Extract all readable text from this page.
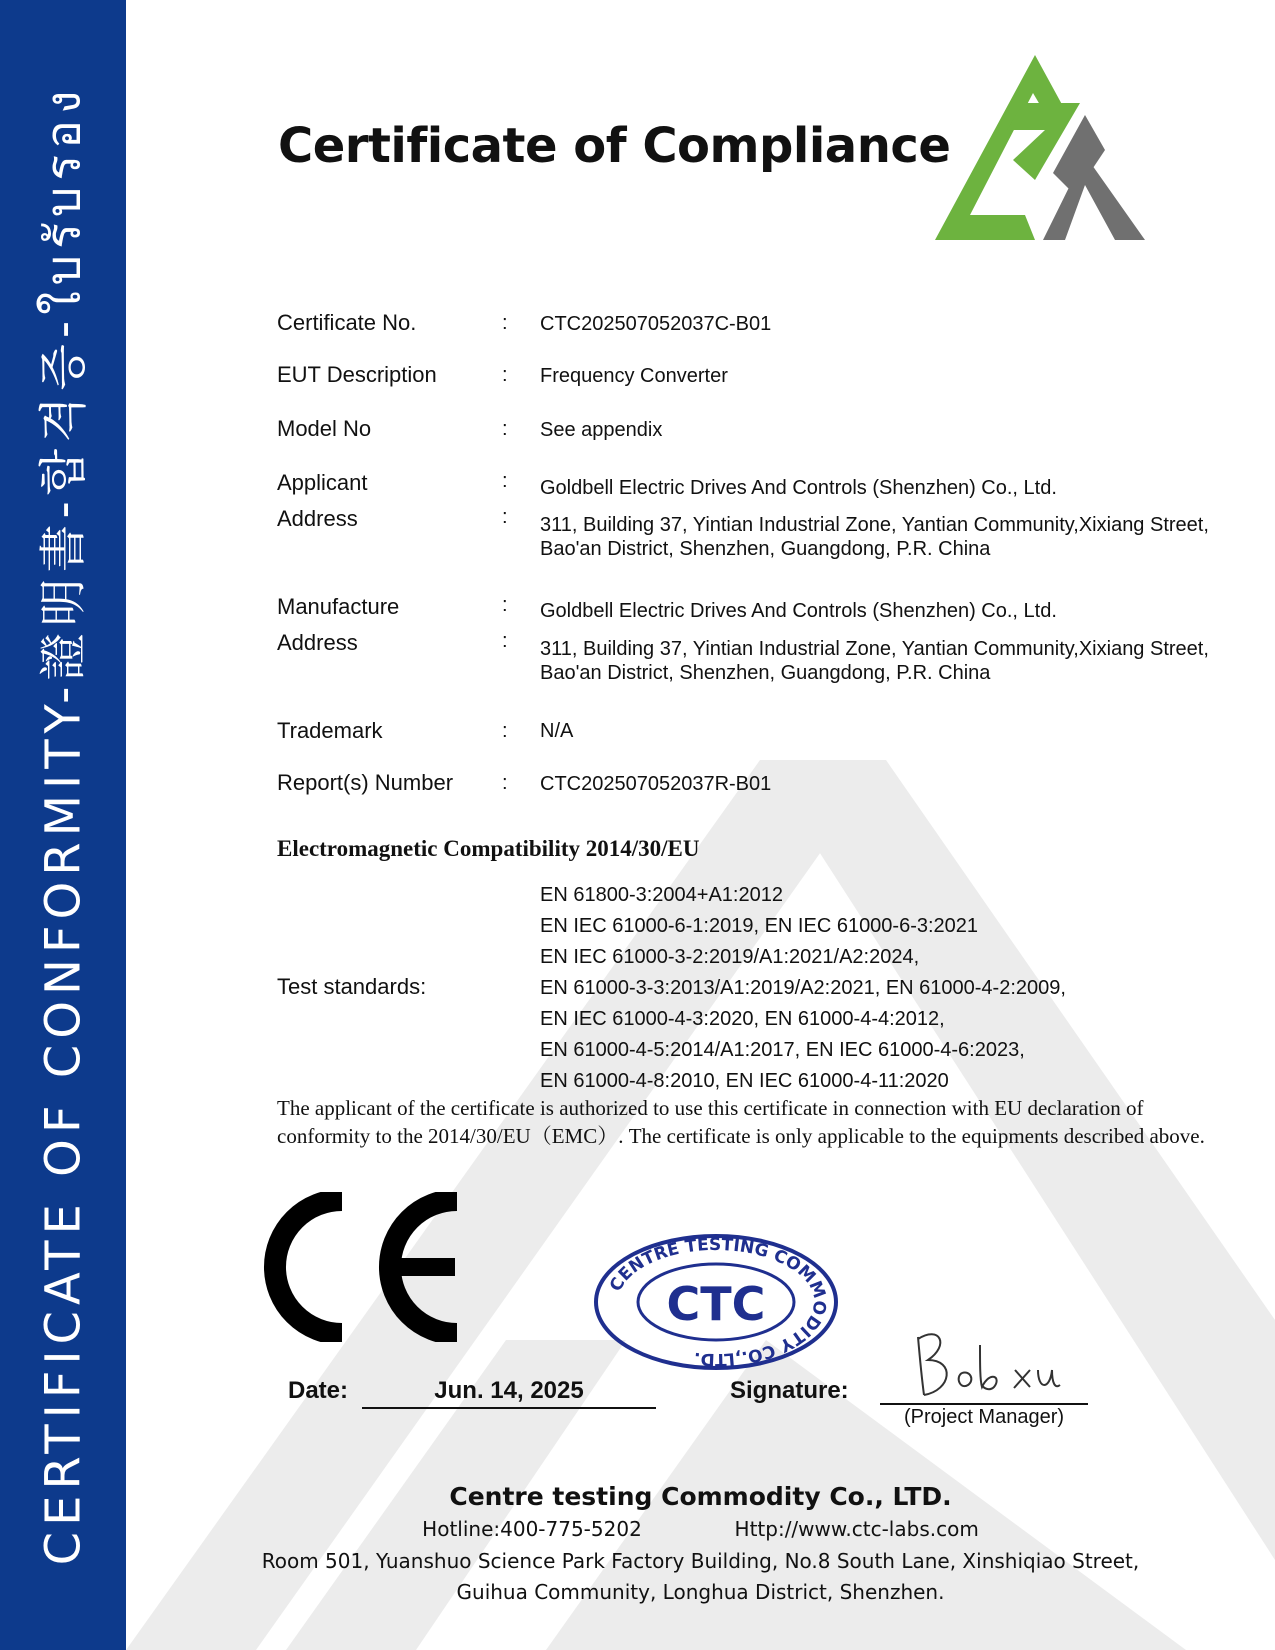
CERTIFICATE OF CONFORMITY-證明書-합격증-ใบรับรอง	Certificate of Compliance
Certificate No.	: CTC202507052037C-B01
EUT Description	: Frequency Converter
Model No	: See appendix
Applicant	: Goldbell Electric Drives And Controls (Shenzhen) Co., Ltd.
Address	: 311, Building 37, Yintian Industrial Zone, Yantian Community,Xixiang Street,
Bao'an District, Shenzhen, Guangdong, P.R. China
Manufacture	: Goldbell Electric Drives And Controls (Shenzhen) Co., Ltd.
Address	: 311, Building 37, Yintian Industrial Zone, Yantian Community,Xixiang Street,
Bao'an District, Shenzhen, Guangdong, P.R. China
Trademark	: N/A
Report(s) Number : CTC202507052037R-B01
Electromagnetic Compatibility 2014/30/EU
Test standards:
EN 61800-3:2004+A1:2012
EN IEC 61000-6-1:2019, EN IEC 61000-6-3:2021
EN IEC 61000-3-2:2019/A1:2021/A2:2024,
EN 61000-3-3:2013/A1:2019/A2:2021, EN 61000-4-2:2009,
EN IEC 61000-4-3:2020, EN 61000-4-4:2012,
EN 61000-4-5:2014/A1:2017, EN IEC 61000-4-6:2023,
EN 61000-4-8:2010, EN IEC 61000-4-11:2020
The applicant of the certificate is authorized to use this certificate in connection with EU declaration of conformity to the 2014/30/EU（EMC）. The certificate is only applicable to the equipments described above.
CENTRE TESTING COMMODITY CO.,LTD.
CTC
Date:	Jun. 14, 2025	Signature:
(Project Manager)
Centre testing Commodity Co., LTD.
Hotline:400-775-5202	Http://www.ctc-labs.com
Room 501, Yuanshuo Science Park Factory Building, No.8 South Lane, Xinshiqiao Street,
Guihua Community, Longhua District, Shenzhen.
